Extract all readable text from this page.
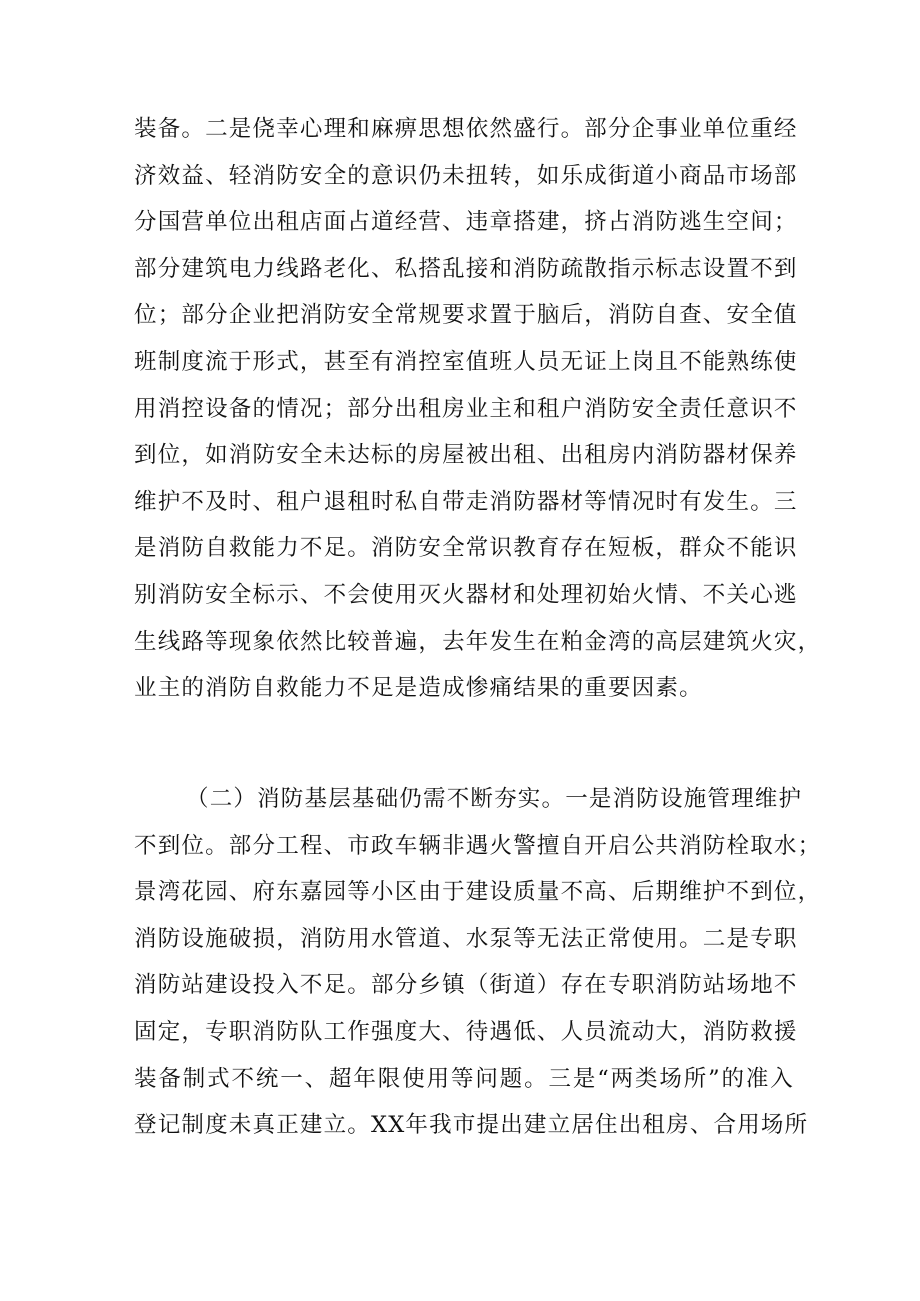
装备。二是侥幸心理和麻痹思想依然盛行。部分企事业单位重经
济效益、轻消防安全的意识仍未扭转，如乐成街道小商品市场部
分国营单位出租店面占道经营、违章搭建，挤占消防逃生空间；
部分建筑电力线路老化、私搭乱接和消防疏散指示标志设置不到
位；部分企业把消防安全常规要求置于脑后，消防自查、安全值
班制度流于形式，甚至有消控室值班人员无证上岗且不能熟练使
用消控设备的情况；部分出租房业主和租户消防安全责任意识不
到位，如消防安全未达标的房屋被出租、出租房内消防器材保养
维护不及时、租户退租时私自带走消防器材等情况时有发生。三
是消防自救能力不足。消防安全常识教育存在短板，群众不能识
别消防安全标示、不会使用灭火器材和处理初始火情、不关心逃
生线路等现象依然比较普遍，去年发生在粕金湾的高层建筑火灾，
业主的消防自救能力不足是造成惨痛结果的重要因素。
（二）消防基层基础仍需不断夯实。一是消防设施管理维护
不到位。部分工程、市政车辆非遇火警擅自开启公共消防栓取水；
景湾花园、府东嘉园等小区由于建设质量不高、后期维护不到位，
消防设施破损，消防用水管道、水泵等无法正常使用。二是专职
消防站建设投入不足。部分乡镇（街道）存在专职消防站场地不
固定，专职消防队工作强度大、待遇低、人员流动大，消防救援
装备制式不统一、超年限使用等问题。三是“两类场所”的准入
登记制度未真正建立。XX年我市提出建立居住出租房、合用场所
